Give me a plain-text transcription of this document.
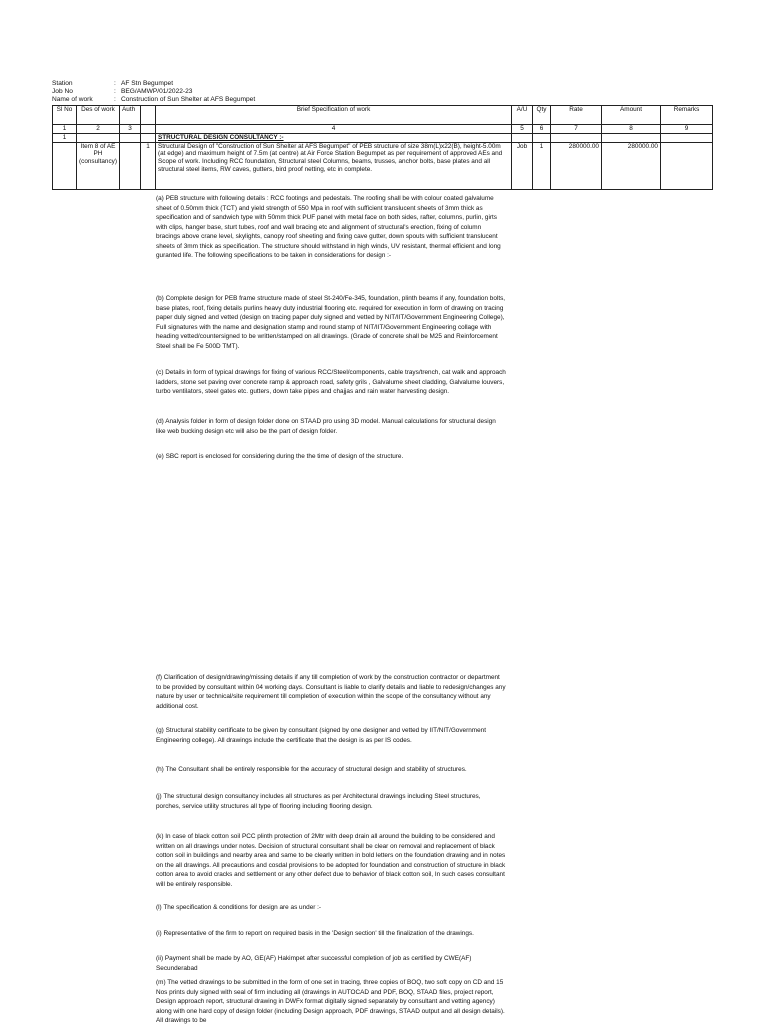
Station	: AF Stn Begumpet
Job No	: BEG/AMWP/01/2022-23
Name of work	: Construction of Sun Shelter at AFS Begumpet
Sl No	Des of work	Auth		Brief Specification of work	A/U	Qty	Rate	Amount	Remarks
1	2	3		4	5	6	7	8	9
1				STRUCTURAL DESIGN CONSULTANCY :-					
	Item 8 of AE PH (consultancy)		1	Structural Design of "Construction of Sun Shelter at AFS Begumpet" of PEB structure of size 38m(L)x22(B), height-5.00m (at edge) and maximum height of 7.5m (at centre) at Air Force Station Begumpet as per requirement of approved AEs and Scope of work. Including RCC foundation, Structural steel Columns, beams, trusses, anchor bolts, base plates and all structural steel items, RW caves, gutters, bird proof netting, etc in complete.	Job	1	280000.00	280000.00	

(a) PEB structure with following details : RCC footings and pedestals. The roofing shall be with colour coated galvalume sheet of 0.50mm thick (TCT) and yield strength of 550 Mpa in roof with sufficient translucent sheets of 3mm thick as specification and of sandwich type with 50mm thick PUF panel with metal face on both sides, rafter, columns, purlin, girts with clips, hanger base, sturt tubes, roof and wall bracing etc and alignment of structural's erection, fixing of column bracings above crane level, skylights, canopy roof sheeting and fixing cave gutter, down spouts with sufficient translucent sheets of 3mm thick as specification. The structure should withstand in high winds, UV resistant, thermal efficient and long guranted life. The following specifications to be taken in considerations for design :-

(b) Complete design for PEB frame structure made of steel St-240/Fe-345, foundation, plinth beams if any, foundation bolts, base plates, roof, fixing details purlins heavy duty industrial flooring etc. required for execution in form of drawing on tracing paper duly signed and vetted (design on tracing paper duly signed and vetted by NIT/IIT/Government Engineering College), Full signatures with the name and designation stamp and round stamp of NIT/IIT/Government Engineering collage with heading vetted/countersigned to be written/stamped on all drawings. (Grade of concrete shall be M25 and Reinforcement Steel shall be Fe 500D TMT).

(c) Details in form of typical drawings for fixing of various RCC/Steel/components, cable trays/trench, cat walk and approach ladders, stone set paving over concrete ramp & approach road, safety grils , Galvalume sheet cladding, Galvalume louvers, turbo ventilators, steel gates etc. gutters, down take pipes and chajjas and rain water harvesting design.

(d) Analysis folder in form of design folder done on STAAD pro using 3D model. Manual calculations for structural design like web bucking design etc will also be the part of design folder.

(e) SBC report is enclosed for considering during the the time of design of the structure.

(f) Clarification of design/drawing/missing details if any till completion of work by the construction contractor or department to be provided by consultant within 04 working days. Consultant is liable to clarify details and liable to redesign/changes any nature by user or technical/site requirement till completion of execution within the scope of the consultancy without any additional cost.

(g) Structural stability certificate to be given by consultant (signed by one designer and vetted by IIT/NIT/Government Engineering college). All drawings include the certificate that the design is as per IS codes.

(h) The Consultant shall be entirely responsible for the accuracy of structural design and stability of structures.

(j) The structural design consultancy includes all structures as per Architectural drawings including Steel structures, porches, service utility structures all type of flooring including flooring design.

(k) In case of black cotton soil PCC plinth protection of 2Mtr with deep drain all around the building to be considered and written on all drawings under notes. Decision of structural consultant shall be clear on removal and replacement of black cotton soil in buildings and nearby area and same to be clearly written in bold letters on the foundation drawing and in notes on the all drawings. All precautions and cosdal provisions to be adopted for foundation and construction of structure in black cotton area to avoid cracks and settlement or any other defect due to behavior of black cotton soil, In such cases consultant will be entirely responsible.

(l) The specification & conditions for design are as under :-

(i) Representative of the firm to report on required basis in the 'Design section' till the finalization of the drawings.

(ii) Payment shall be made by AO, GE(AF) Hakimpet after successful completion of job as certified by CWE(AF) Secunderabad

(m) The vetted drawings to be submitted in the form of one set in tracing, three copies of BOQ, two soft copy on CD and 15 Nos prints duly signed with seal of firm including all (drawings in AUTOCAD and PDF, BOQ, STAAD files, project report, Design approach report, structural drawing in DWFx format digitally signed separately by consultant and vetting agency) along with one hard copy of design folder (including Design approach, PDF drawings, STAAD output and all design details). All drawings to be
